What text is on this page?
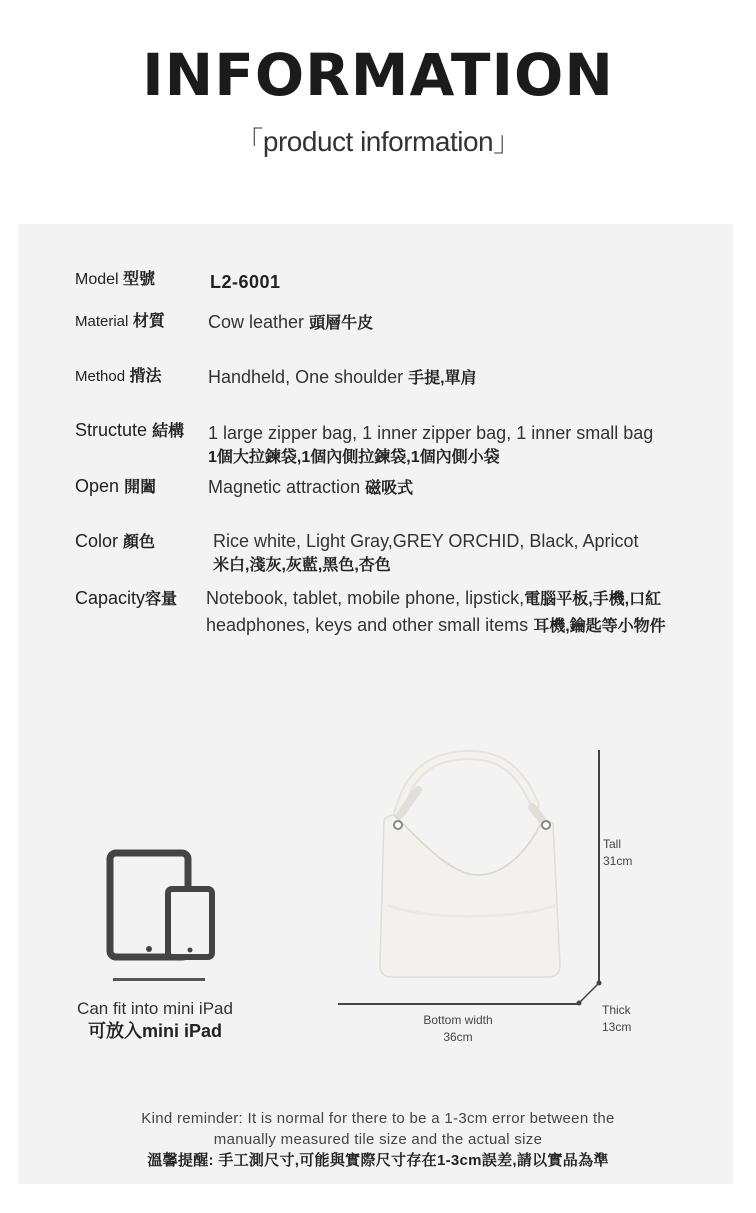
INFORMATION
「product information」
Model 型號	L2-6001
Material 材質 Cow leather 頭層牛皮
Method 揹法	Handheld, One shoulder 手提,單肩
Structute 結構 1 large zipper bag, 1 inner zipper bag, 1 inner small bag
1個大拉鍊袋,1個內側拉鍊袋,1個內側小袋
Open 開闔	Magnetic attraction 磁吸式
Color 顏色	Rice white, Light Gray,GREY ORCHID, Black, Apricot
米白,淺灰,灰藍,黑色,杏色
Capacity容量 Notebook, tablet, mobile phone, lipstick,電腦平板,手機,口紅
headphones, keys and other small items 耳機,鑰匙等小物件
Can fit into mini iPad
可放入mini iPad
Tall
31cm
Bottom width
36cm
Thick
13cm
Kind reminder: It is normal for there to be a 1-3cm error between the
manually measured tile size and the actual size
溫馨提醒: 手工測尺寸,可能與實際尺寸存在1-3cm誤差,請以實品為準
